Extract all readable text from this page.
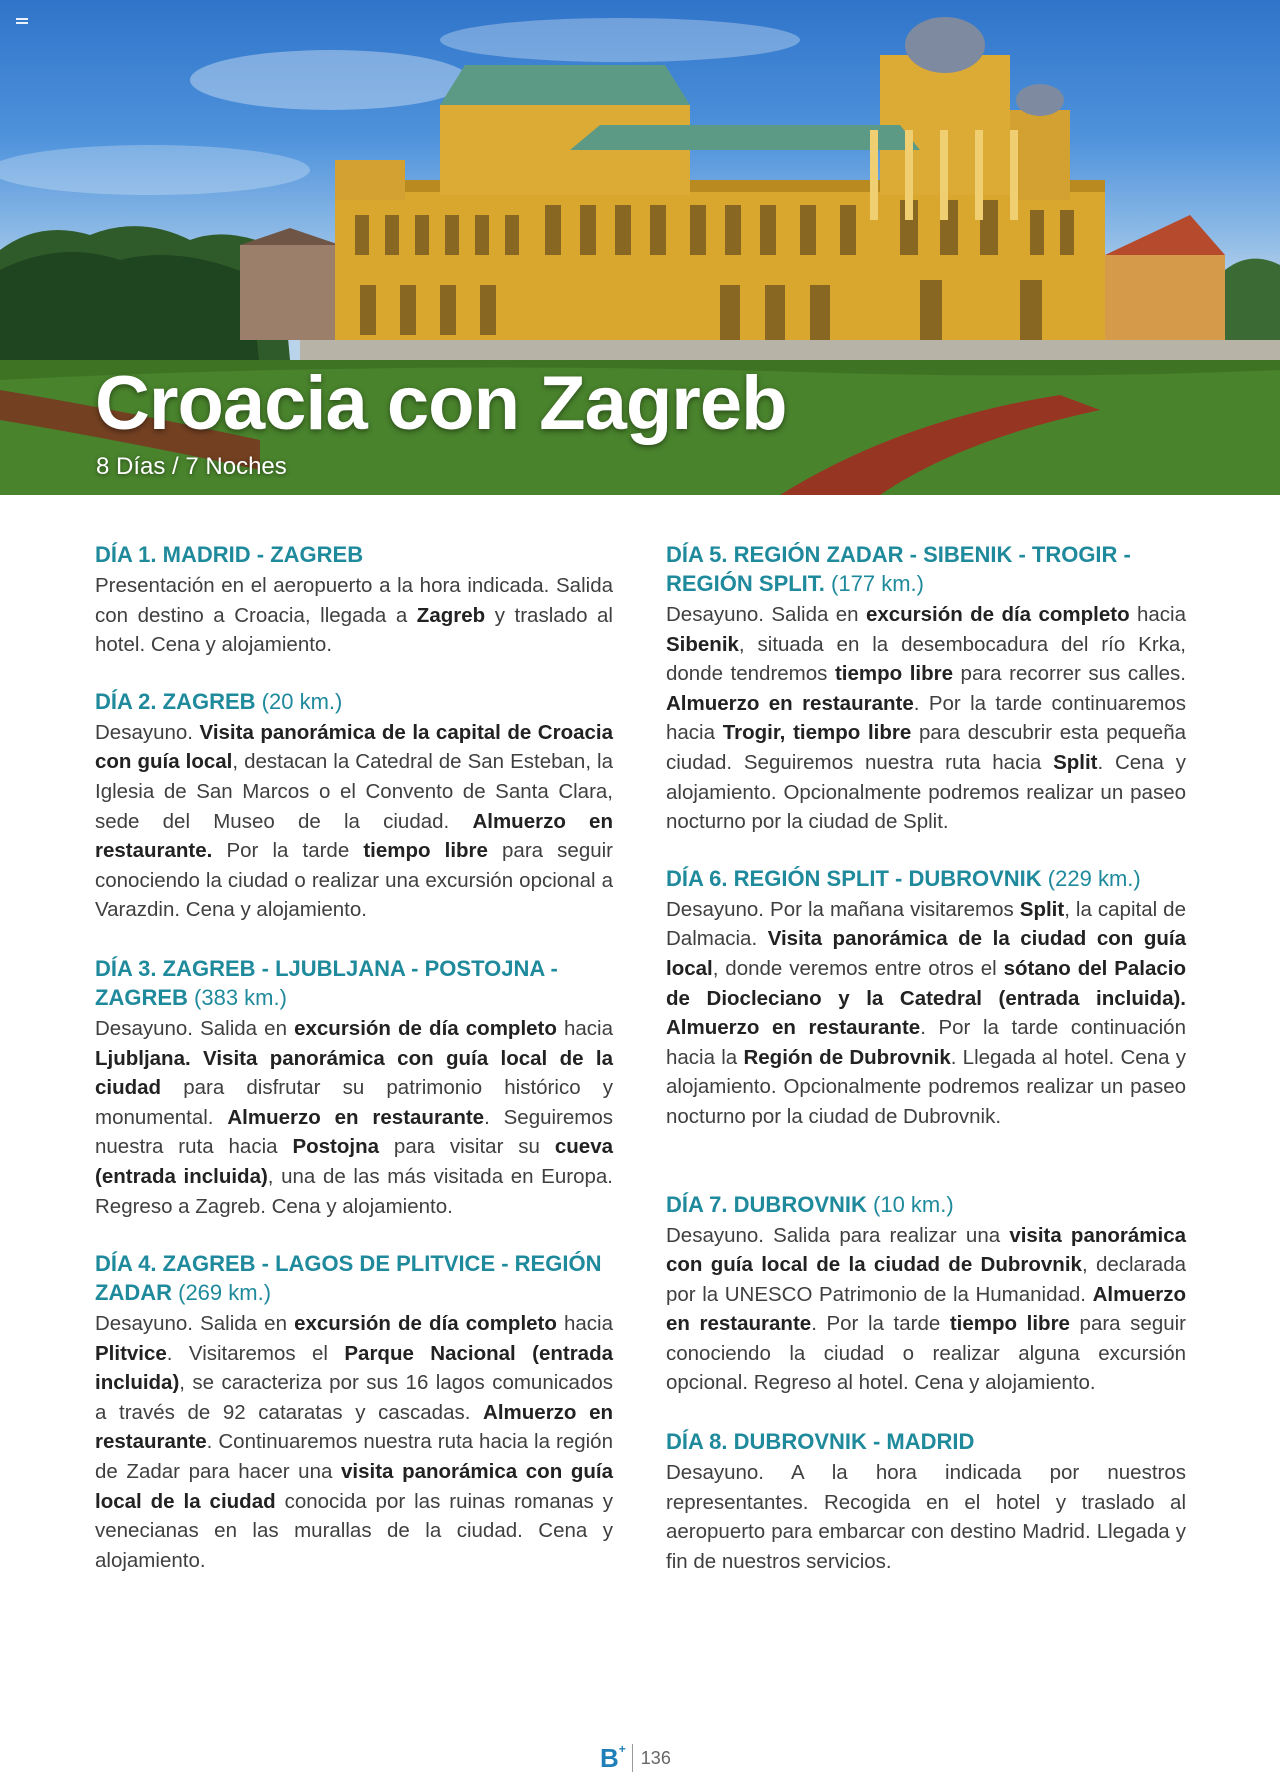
Croacia con Zagreb
8 Días / 7 Noches

DÍA 1. MADRID - ZAGREB

Presentación en el aeropuerto a la hora indicada. Salida con destino a Croacia, llegada a Zagreb y traslado al hotel. Cena y alojamiento.

DÍA 2. ZAGREB (20 km.)

Desayuno. Visita panorámica de la capital de Croacia con guía local, destacan la Catedral de San Esteban, la Iglesia de San Marcos o el Convento de Santa Clara, sede del Museo de la ciudad. Almuerzo en restaurante. Por la tarde tiempo libre para seguir conociendo la ciudad o realizar una excursión opcional a Varazdin. Cena y alojamiento.

DÍA 3. ZAGREB - LJUBLJANA - POSTOJNA - ZAGREB (383 km.)

Desayuno. Salida en excursión de día completo hacia Ljubljana. Visita panorámica con guía local de la ciudad para disfrutar su patrimonio histórico y monumental. Almuerzo en restaurante. Seguiremos nuestra ruta hacia Postojna para visitar su cueva (entrada incluida), una de las más visitada en Europa. Regreso a Zagreb. Cena y alojamiento.

DÍA 4. ZAGREB - LAGOS DE PLITVICE - REGIÓN ZADAR (269 km.)

Desayuno. Salida en excursión de día completo hacia Plitvice. Visitaremos el Parque Nacional (entrada incluida), se caracteriza por sus 16 lagos comunicados a través de 92 cataratas y cascadas. Almuerzo en restaurante. Continuaremos nuestra ruta hacia la región de Zadar para hacer una visita panorámica con guía local de la ciudad conocida por las ruinas romanas y venecianas en las murallas de la ciudad. Cena y alojamiento.

DÍA 5. REGIÓN ZADAR - SIBENIK - TROGIR - REGIÓN SPLIT. (177 km.)

Desayuno. Salida en excursión de día completo hacia Sibenik, situada en la desembocadura del río Krka, donde tendremos tiempo libre para recorrer sus calles. Almuerzo en restaurante. Por la tarde continuaremos hacia Trogir, tiempo libre para descubrir esta pequeña ciudad. Seguiremos nuestra ruta hacia Split. Cena y alojamiento. Opcionalmente podremos realizar un paseo nocturno por la ciudad de Split.

DÍA 6. REGIÓN SPLIT - DUBROVNIK (229 km.)

Desayuno. Por la mañana visitaremos Split, la capital de Dalmacia. Visita panorámica de la ciudad con guía local, donde veremos entre otros el sótano del Palacio de Diocleciano y la Catedral (entrada incluida). Almuerzo en restaurante. Por la tarde continuación hacia la Región de Dubrovnik. Llegada al hotel. Cena y alojamiento. Opcionalmente podremos realizar un paseo nocturno por la ciudad de Dubrovnik.

DÍA 7. DUBROVNIK (10 km.)

Desayuno. Salida para realizar una visita panorámica con guía local de la ciudad de Dubrovnik, declarada por la UNESCO Patrimonio de la Humanidad. Almuerzo en restaurante. Por la tarde tiempo libre para seguir conociendo la ciudad o realizar alguna excursión opcional. Regreso al hotel. Cena y alojamiento.

DÍA 8. DUBROVNIK - MADRID

Desayuno. A la hora indicada por nuestros representantes. Recogida en el hotel y traslado al aeropuerto para embarcar con destino Madrid. Llegada y fin de nuestros servicios.

B+ 136
